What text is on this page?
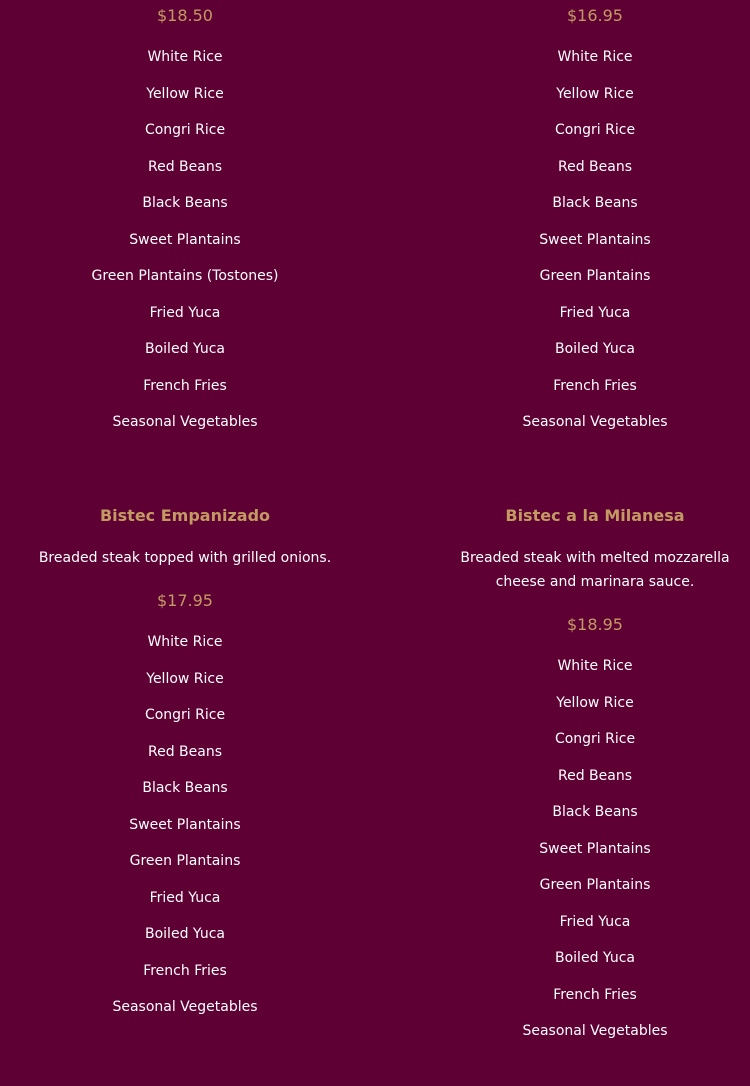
$18.50
White Rice
Yellow Rice
Congri Rice
Red Beans
Black Beans
Sweet Plantains
Green Plantains (Tostones)
Fried Yuca
Boiled Yuca
French Fries
Seasonal Vegetables
$16.95
White Rice
Yellow Rice
Congri Rice
Red Beans
Black Beans
Sweet Plantains
Green Plantains
Fried Yuca
Boiled Yuca
French Fries
Seasonal Vegetables
Bistec Empanizado

Breaded steak topped with grilled onions.

$17.95
White Rice
Yellow Rice
Congri Rice
Red Beans
Black Beans
Sweet Plantains
Green Plantains
Fried Yuca
Boiled Yuca
French Fries
Seasonal Vegetables
Bistec a la Milanesa

Breaded steak with melted mozzarella cheese and marinara sauce.

$18.95
White Rice
Yellow Rice
Congri Rice
Red Beans
Black Beans
Sweet Plantains
Green Plantains
Fried Yuca
Boiled Yuca
French Fries
Seasonal Vegetables
